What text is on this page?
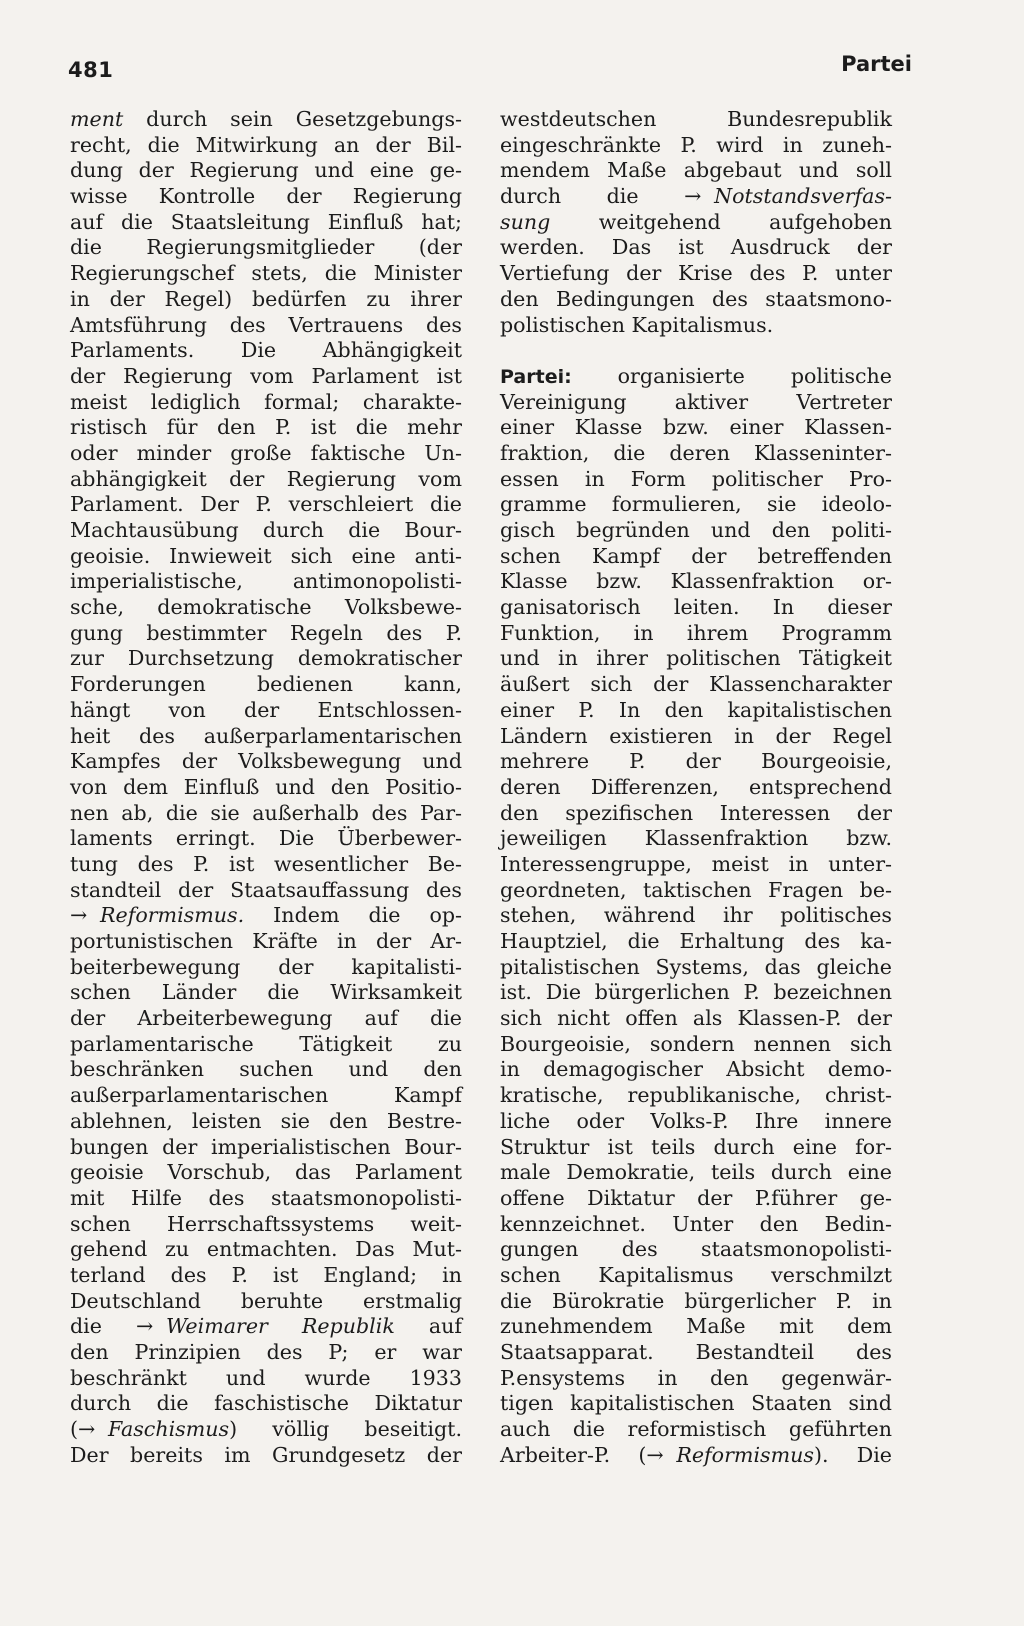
481	Partei
ment durch sein Gesetzgebungs-
recht, die Mitwirkung an der Bil-
dung der Regierung und eine ge-
wisse Kontrolle der Regierung
auf die Staatsleitung Einfluß hat;
die Regierungsmitglieder (der
Regierungschef stets, die Minister
in der Regel) bedürfen zu ihrer
Amtsführung des Vertrauens des
Parlaments. Die Abhängigkeit
der Regierung vom Parlament ist
meist lediglich formal; charakte-
ristisch für den P. ist die mehr
oder minder große faktische Un-
abhängigkeit der Regierung vom
Parlament. Der P. verschleiert die
Machtausübung durch die Bour-
geoisie. Inwieweit sich eine anti-
imperialistische, antimonopolisti-
sche, demokratische Volksbewe-
gung bestimmter Regeln des P.
zur Durchsetzung demokratischer
Forderungen bedienen kann,
hängt von der Entschlossen-
heit des außerparlamentarischen
Kampfes der Volksbewegung und
von dem Einfluß und den Positio-
nen ab, die sie außerhalb des Par-
laments erringt. Die Überbewer-
tung des P. ist wesentlicher Be-
standteil der Staatsauffassung des
→ Reformismus. Indem die op-
portunistischen Kräfte in der Ar-
beiterbewegung der kapitalisti-
schen Länder die Wirksamkeit
der Arbeiterbewegung auf die
parlamentarische Tätigkeit zu
beschränken suchen und den
außerparlamentarischen Kampf
ablehnen, leisten sie den Bestre-
bungen der imperialistischen Bour-
geoisie Vorschub, das Parlament
mit Hilfe des staatsmonopolisti-
schen Herrschaftssystems weit-
gehend zu entmachten. Das Mut-
terland des P. ist England; in
Deutschland beruhte erstmalig
die → Weimarer Republik auf
den Prinzipien des P; er war
beschränkt und wurde 1933
durch die faschistische Diktatur
(→ Faschismus) völlig beseitigt.
Der bereits im Grundgesetz der
westdeutschen Bundesrepublik
eingeschränkte P. wird in zuneh-
mendem Maße abgebaut und soll
durch die → Notstandsverfas-
sung weitgehend aufgehoben
werden. Das ist Ausdruck der
Vertiefung der Krise des P. unter
den Bedingungen des staatsmono-
polistischen Kapitalismus.
Partei: organisierte politische
Vereinigung aktiver Vertreter
einer Klasse bzw. einer Klassen-
fraktion, die deren Klasseninter-
essen in Form politischer Pro-
gramme formulieren, sie ideolo-
gisch begründen und den politi-
schen Kampf der betreffenden
Klasse bzw. Klassenfraktion or-
ganisatorisch leiten. In dieser
Funktion, in ihrem Programm
und in ihrer politischen Tätigkeit
äußert sich der Klassencharakter
einer P. In den kapitalistischen
Ländern existieren in der Regel
mehrere P. der Bourgeoisie,
deren Differenzen, entsprechend
den spezifischen Interessen der
jeweiligen Klassenfraktion bzw.
Interessengruppe, meist in unter-
geordneten, taktischen Fragen be-
stehen, während ihr politisches
Hauptziel, die Erhaltung des ka-
pitalistischen Systems, das gleiche
ist. Die bürgerlichen P. bezeichnen
sich nicht offen als Klassen-P. der
Bourgeoisie, sondern nennen sich
in demagogischer Absicht demo-
kratische, republikanische, christ-
liche oder Volks-P. Ihre innere
Struktur ist teils durch eine for-
male Demokratie, teils durch eine
offene Diktatur der P.führer ge-
kennzeichnet. Unter den Bedin-
gungen des staatsmonopolisti-
schen Kapitalismus verschmilzt
die Bürokratie bürgerlicher P. in
zunehmendem Maße mit dem
Staatsapparat. Bestandteil des
P.ensystems in den gegenwär-
tigen kapitalistischen Staaten sind
auch die reformistisch geführten
Arbeiter-P. (→ Reformismus). Die
